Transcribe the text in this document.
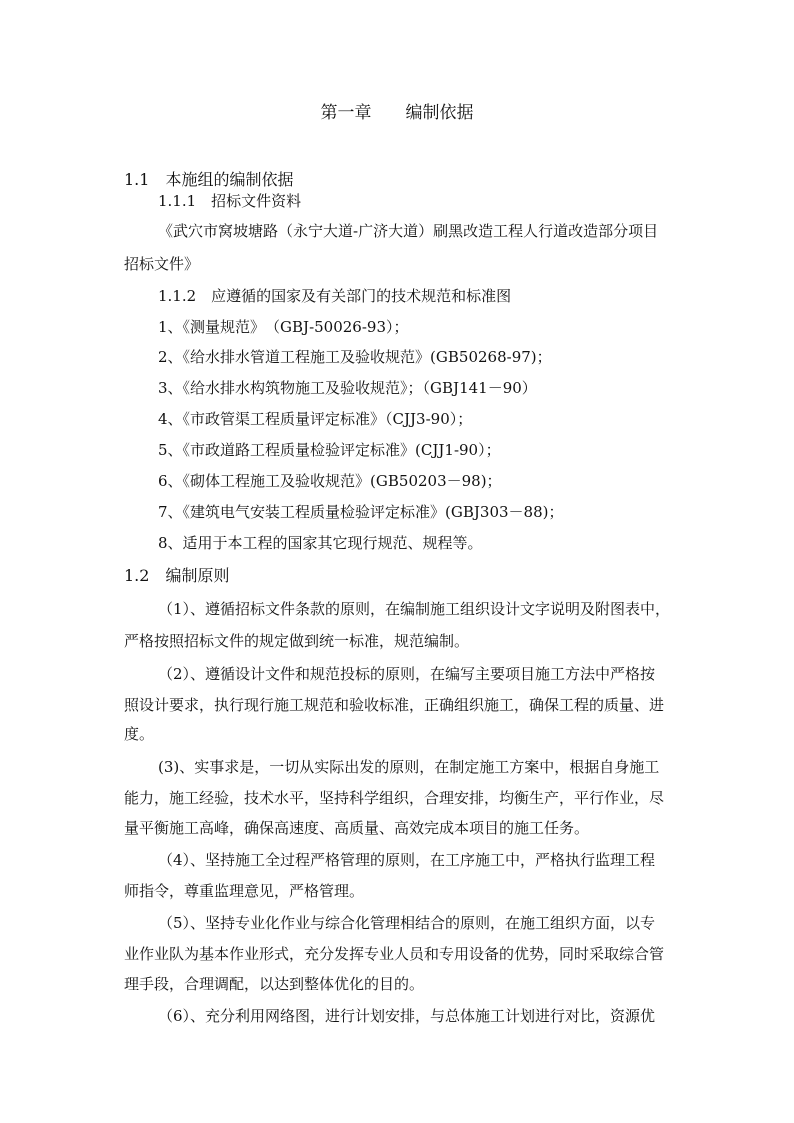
第一章　　编制依据
1.1　本施组的编制依据
1.1.1　招标文件资料
《武穴市窝坡塘路（永宁大道-广济大道）刷黑改造工程人行道改造部分项目
招标文件》
1.1.2　应遵循的国家及有关部门的技术规范和标准图
1、《测量规范》　（GBJ-50026-93）；
2、《给水排水管道工程施工及验收规范》(GB50268-97)；
3、《给水排水构筑物施工及验收规范》；（GBJ141－90）
4、《市政管渠工程质量评定标准》（CJJ3-90）；
5、《市政道路工程质量检验评定标准》(CJJ1-90）；
6、《砌体工程施工及验收规范》(GB50203－98)；
7、《建筑电气安装工程质量检验评定标准》(GBJ303－88)；
8、适用于本工程的国家其它现行规范、规程等。
1.2　编制原则
（1）、遵循招标文件条款的原则，在编制施工组织设计文字说明及附图表中，
严格按照招标文件的规定做到统一标准，规范编制。
（2）、遵循设计文件和规范投标的原则，在编写主要项目施工方法中严格按
照设计要求，执行现行施工规范和验收标准，正确组织施工，确保工程的质量、进
度。
(3)、实事求是，一切从实际出发的原则，在制定施工方案中，根据自身施工
能力，施工经验，技术水平，坚持科学组织，合理安排，均衡生产，平行作业，尽
量平衡施工高峰，确保高速度、高质量、高效完成本项目的施工任务。
（4）、坚持施工全过程严格管理的原则，在工序施工中，严格执行监理工程
师指令，尊重监理意见，严格管理。
（5）、坚持专业化作业与综合化管理相结合的原则，在施工组织方面，以专
业作业队为基本作业形式，充分发挥专业人员和专用设备的优势，同时采取综合管
理手段，合理调配，以达到整体优化的目的。
（6）、充分利用网络图，进行计划安排，与总体施工计划进行对比，资源优
